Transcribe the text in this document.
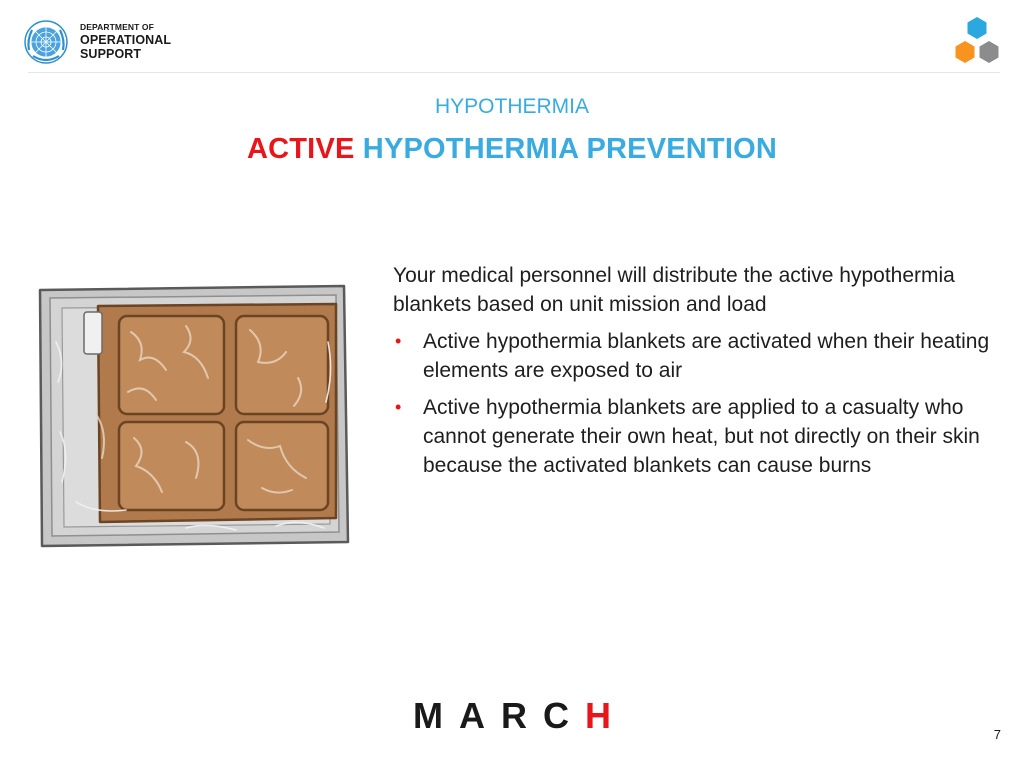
DEPARTMENT OF
OPERATIONAL
SUPPORT
HYPOTHERMIA
ACTIVE HYPOTHERMIA PREVENTION

Your medical personnel will distribute the active hypothermia blankets based on unit mission and load

• Active hypothermia blankets are activated when their heating elements are exposed to air
• Active hypothermia blankets are applied to a casualty who cannot generate their own heat, but not directly on their skin because the activated blankets can cause burns
M A R C H	7
